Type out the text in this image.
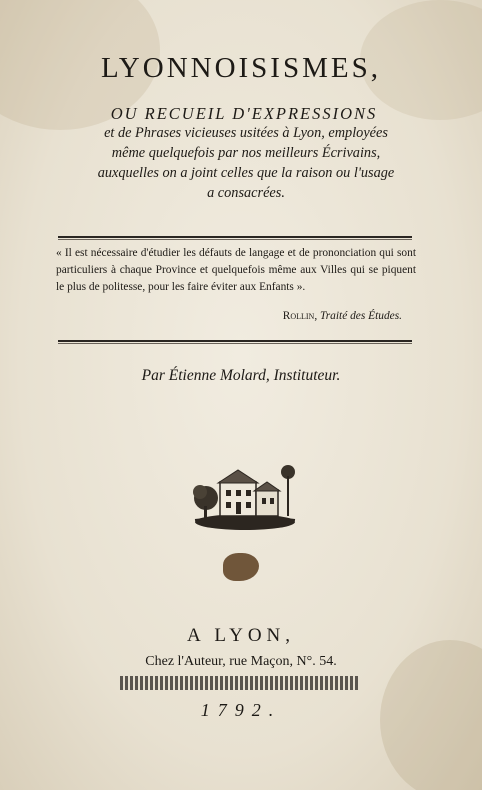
LYONNOISISMES,
OU RECUEIL D'EXPRESSIONS
et de Phrases vicieuses usitées à Lyon, employées
même quelquefois par nos meilleurs Écrivains,
auxquelles on a joint celles que la raison ou l'usage
a consacrées.
« Il est nécessaire d'étudier les défauts de langage et de prononciation qui sont particuliers à chaque Province et quelquefois même aux Villes qui se piquent le plus de politesse, pour les faire éviter aux Enfants ».
Rollin, Traité des Études.
Par Étienne Molard, Instituteur.
A LYON,
Chez l'Auteur, rue Maçon, N°. 54.
1792.
